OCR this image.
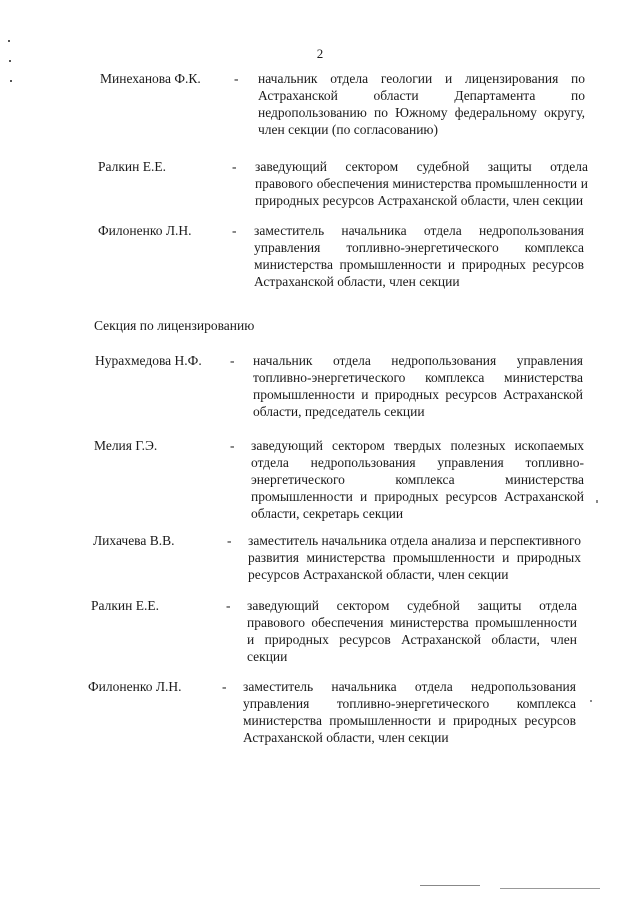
2
Минеханова Ф.К. - начальник отдела геологии и лицензирования по Астраханской области Департамента по недропользованию по Южному федеральному округу, член секции (по согласованию)
Ралкин Е.Е.	- заведующий сектором судебной защиты отдела правового обеспечения министерства промышленности и природных ресурсов Астраханской области, член секции
Филоненко Л.Н.	- заместитель начальника отдела недропользования управления топливно-энергетического комплекса министерства промышленности и природных ресурсов Астраханской области, член секции
Секция по лицензированию
Нурахмедова Н.Ф. - начальник отдела недропользования управления топливно-энергетического комплекса министерства промышленности и природных ресурсов Астраханской области, председатель секции
Мелия Г.Э.	- заведующий сектором твердых полезных ископаемых отдела недропользования управления топливно-энергетического комплекса министерства промышленности и природных ресурсов Астраханской области, секретарь секции
Лихачева В.В.	- заместитель начальника отдела анализа и перспективного развития министерства промышленности и природных ресурсов Астраханской области, член секции
Ралкин Е.Е.	- заведующий сектором судебной защиты отдела правового обеспечения министерства промышленности и природных ресурсов Астраханской области, член секции
Филоненко Л.Н.	- заместитель начальника отдела недропользования управления топливно-энергетического комплекса министерства промышленности и природных ресурсов Астраханской области, член секции
